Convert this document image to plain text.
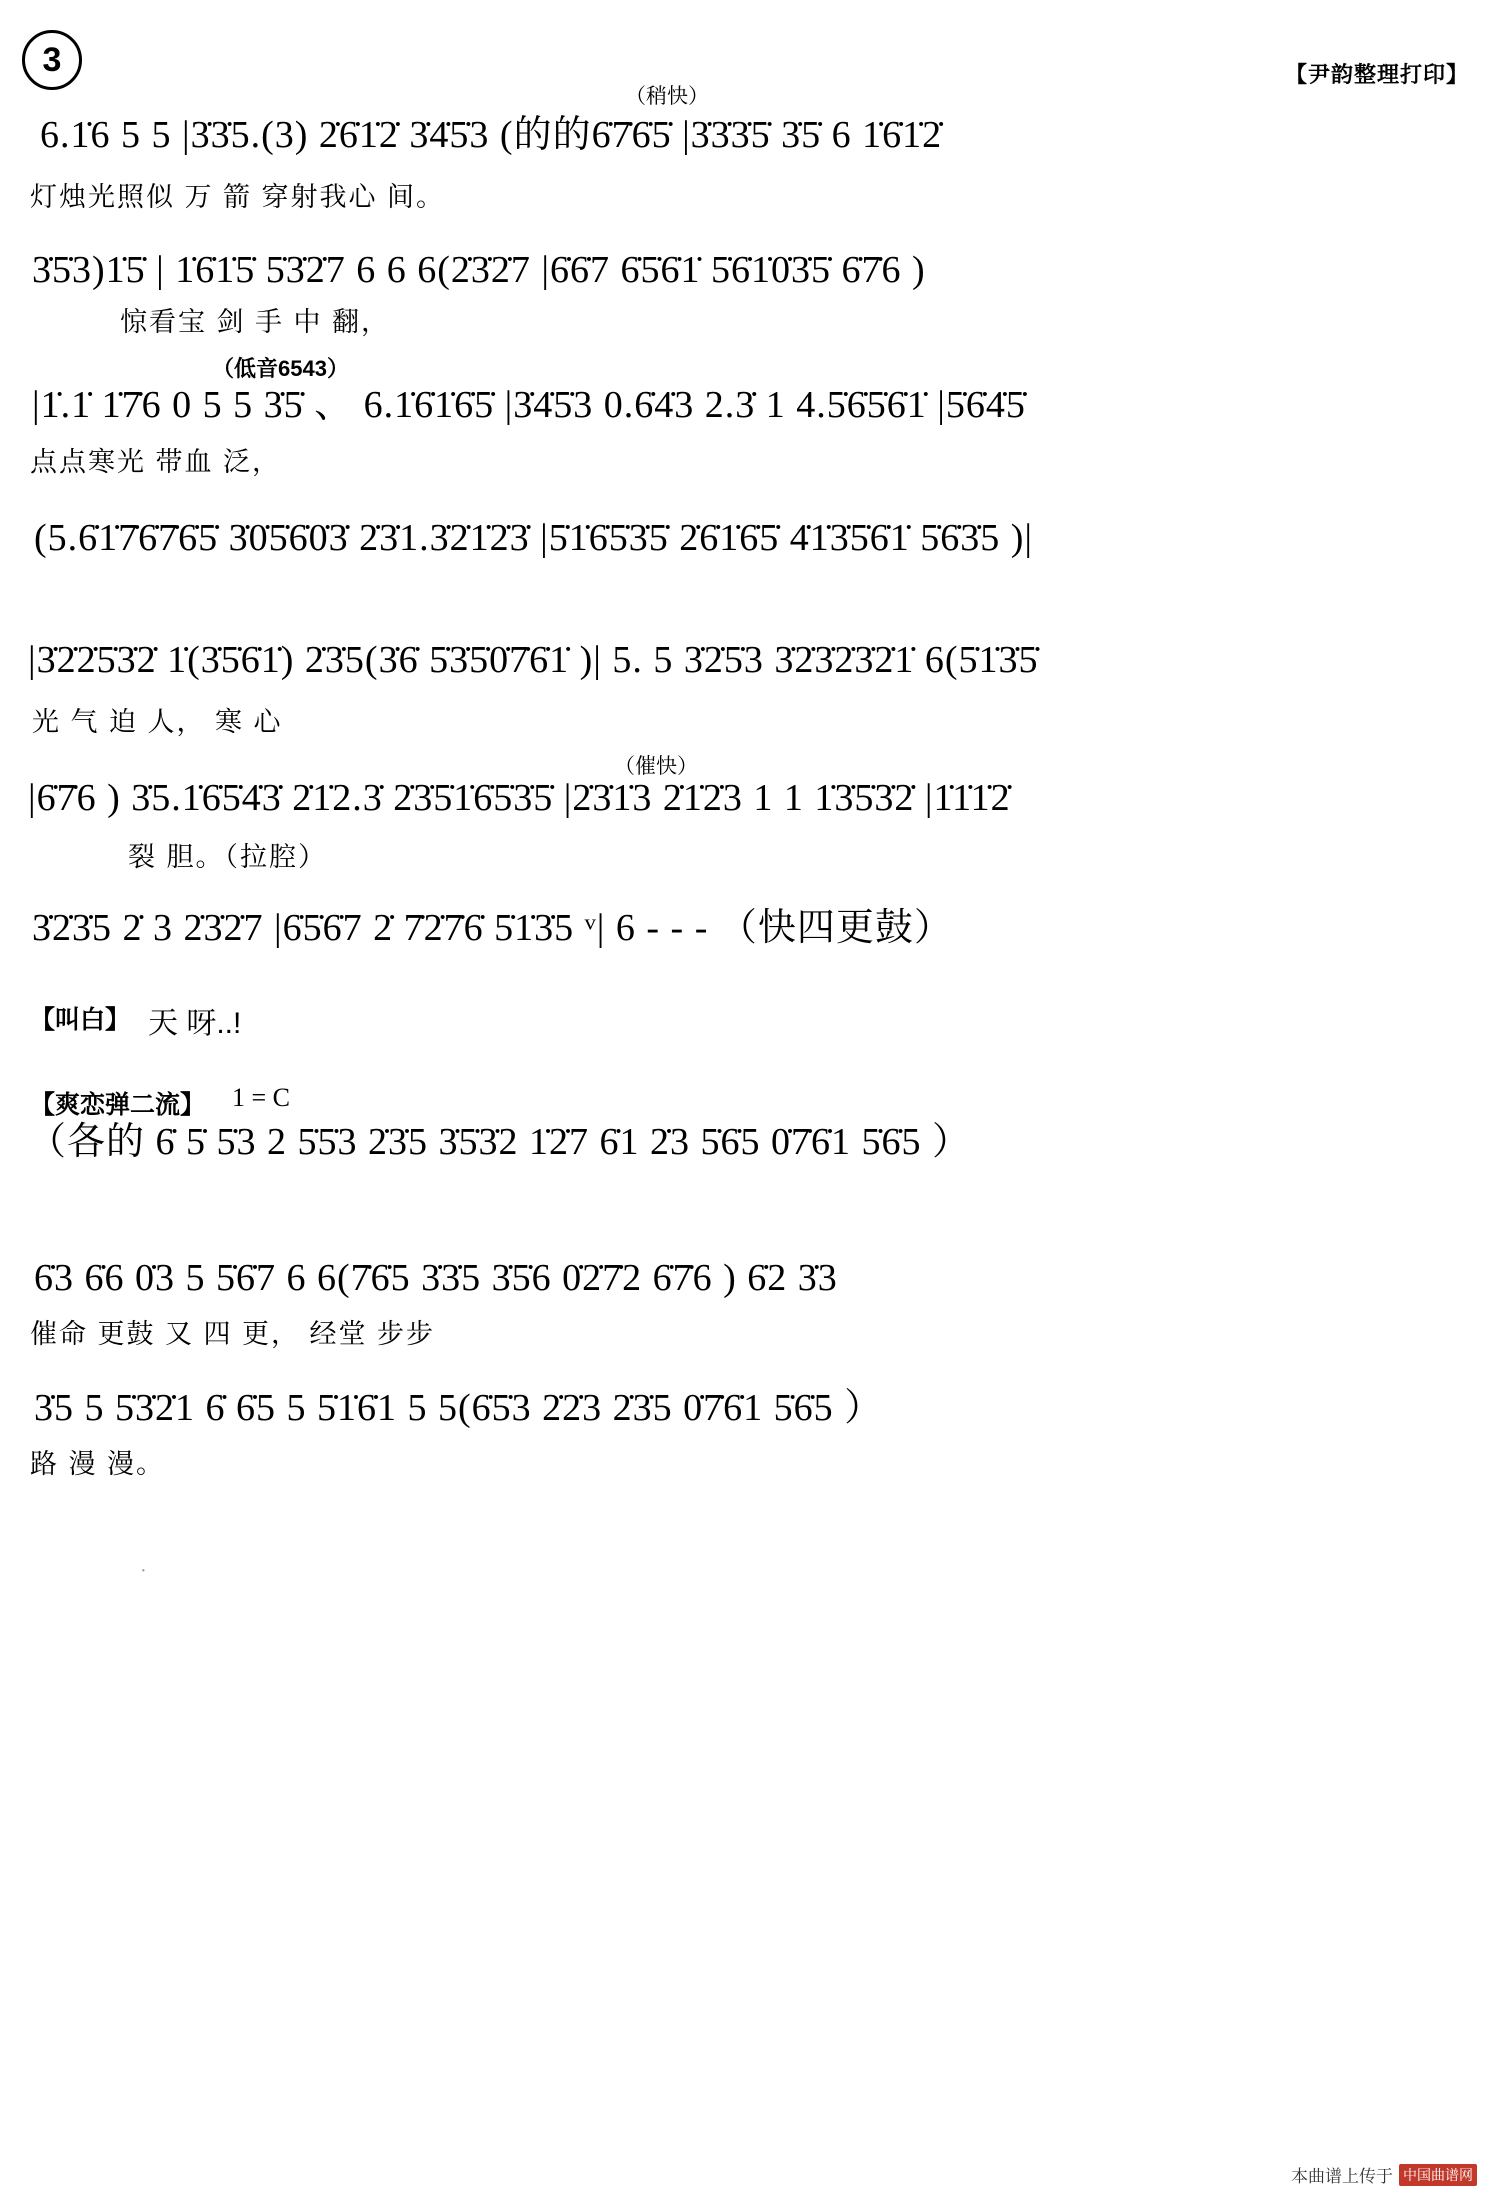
3	【尹韵整理打印】
（稍快）
6.1̇6 5 5 |3̇3̇5.(3) 2̇6̇1̇2̇ 3̇4̇5̇3 (的的6̇7̇6̇5̇ |3̇3̇3̇5̇ 3̇5̇ 6 1̇6̇1̇2̇
灯烛光照似 万 箭 穿射我心 间。
3̇5̇3)1̇5̇ | 1̇6̇1̇5̇ 5̇3̇2̇7 6 6 6(2̇3̇2̇7 |6̇6̇7 6̇5̇6̇1̇ 5̇6̇1̇0̇3̇5̇ 6̇7̇6 )
惊看宝 剑 手 中 翻，
（低音6543）
|1̇.1̇ 1̇7̇6 0 5 5 3̇5̇ 、 6.1̇6̇1̇6̇5̇ |3̇4̇5̇3 0.6̇4̇3 2.3̇ 1 4.5̇6̇5̇6̇1̇ |5̇6̇4̇5̇
点点寒光 带血 泛，
(5.6̇1̇7̇6̇7̇6̇5̇ 3̇0̇5̇6̇0̇3̇ 2̇3̇1.3̇2̇1̇2̇3̇ |5̇1̇6̇5̇3̇5̇ 2̇6̇1̇6̇5̇ 4̇1̇3̇5̇6̇1̇ 5̇6̇3̇5 )|
|3̇2̇2̇5̇3̇2̇ 1̇(3̇5̇6̇1̇) 2̇3̇5(3̇6̇ 5̇3̇5̇0̇7̇6̇1̇ )| 5. 5 3̇2̇5̇3 3̇2̇3̇2̇3̇2̇1̇ 6(5̇1̇3̇5̇
光 气 迫 人， 寒 心
（催快）
|6̇7̇6 ) 3̇5.1̇6̇5̇4̇3̇ 2̇1̇2.3̇ 2̇3̇5̇1̇6̇5̇3̇5̇ |2̇3̇1̇3 2̇1̇2̇3 1 1 1̇3̇5̇3̇2̇ |1̇1̇1̇2̇
裂 胆。（拉腔）
3̇2̇3̇5 2̇ 3 2̇3̇2̇7 |6̇5̇6̇7 2̇ 7̇2̇7̇6̇ 5̇1̇3̇5 ᵛ| 6 - - - （快四更鼓）
【叫白】 天 呀..!
【爽恋弹二流】 1 = C
（各的 6̇ 5̇ 5̇3 2 5̇5̇3 2̇3̇5 3̇5̇3̇2 1̇2̇7 6̇1 2̇3 5̇6̇5 0̇7̇6̇1 5̇6̇5 ）
6̇3 6̇6 0̇3 5 5̇6̇7 6 6(7̇6̇5 3̇3̇5 3̇5̇6 0̇2̇7̇2 6̇7̇6 ) 6̇2 3̇3
催命 更鼓 又 四 更， 经堂 步步
3̇5 5 5̇3̇2̇1 6̇ 6̇5 5 5̇1̇6̇1 5 5(6̇5̇3 2̇2̇3 2̇3̇5 0̇7̇6̇1 5̇6̇5 ）
路 漫 漫。
·
本曲谱上传于 中国曲谱网
